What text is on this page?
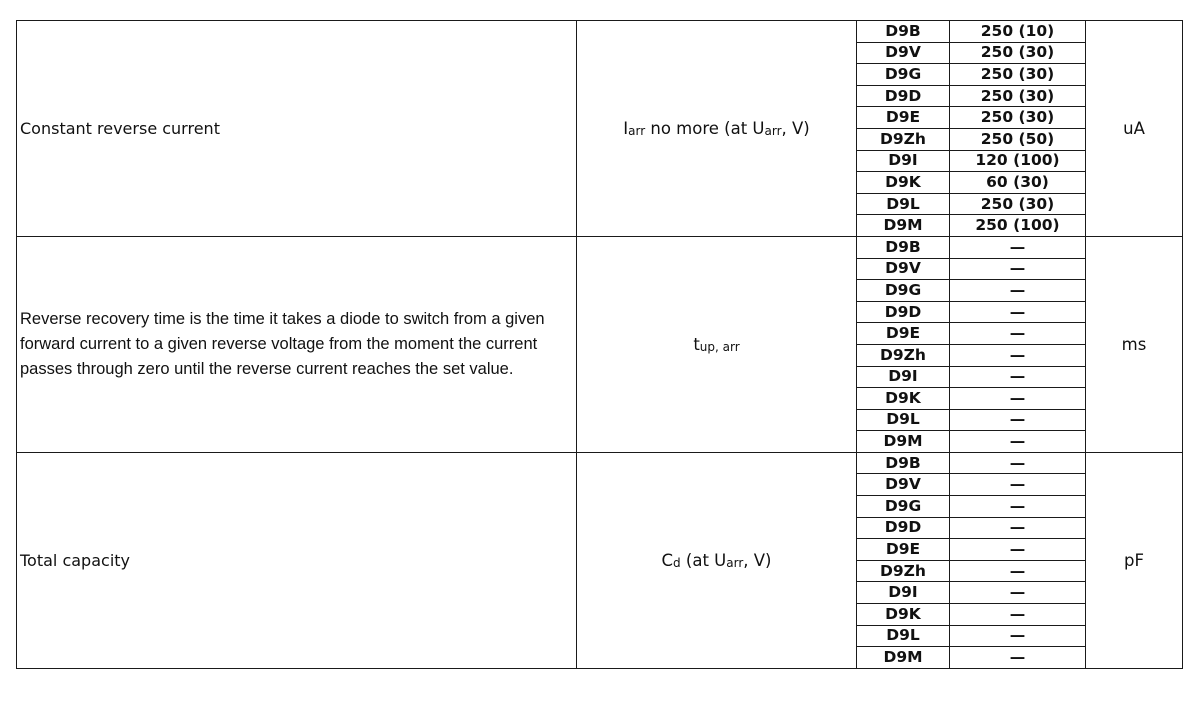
Constant reverse current	$I_{arr}$ no more (at $U_{arr}$, V)	D9B	250 (10)	uA
		D9V	250 (30)	
		D9G	250 (30)	
		D9D	250 (30)	
		D9E	250 (30)	
		D9Zh	250 (50)	
		D9I	120 (100)	
		D9K	60 (30)	
		D9L	250 (30)	
		D9M	250 (100)	
Reverse recovery time is the time it takes a diode to switch from a given forward current to a given reverse voltage from the moment the current passes through zero until the reverse current reaches the set value.	$t_{up, arr}$	D9B	—	ms
		D9V	—	
		D9G	—	
		D9D	—	
		D9E	—	
		D9Zh	—	
		D9I	—	
		D9K	—	
		D9L	—	
		D9M	—	
Total capacity	$C_d$ (at $U_{arr}$, V)	D9B	—	pF
		D9V	—	
		D9G	—	
		D9D	—	
		D9E	—	
		D9Zh	—	
		D9I	—	
		D9K	—	
		D9L	—	
		D9M	—	
